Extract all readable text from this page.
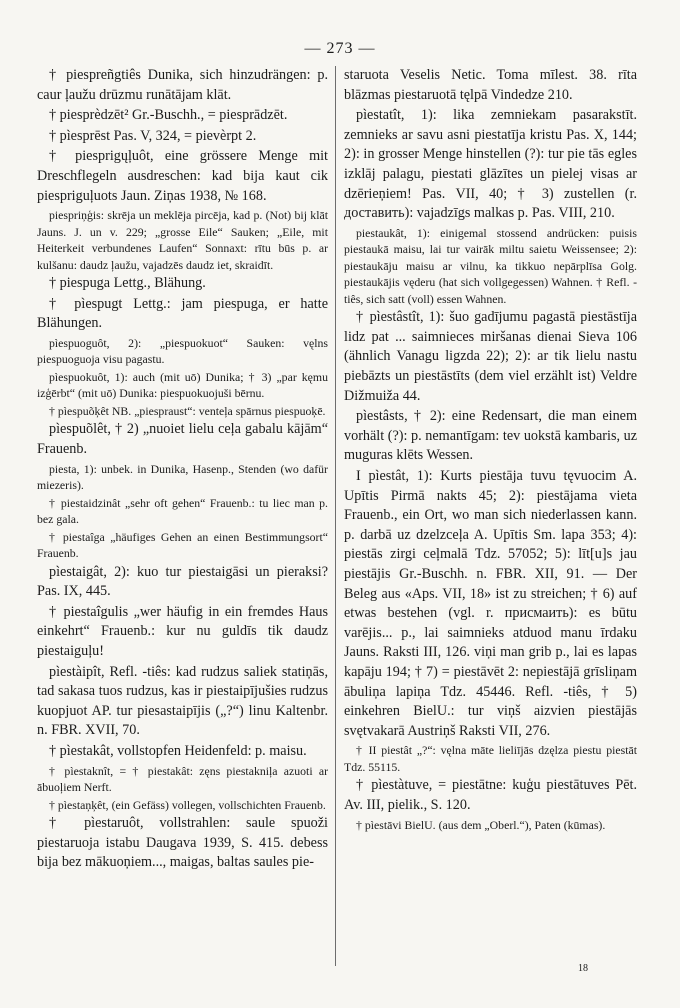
— 273 —

† piespreñgtiês Dunika, sich hinzudrängen: p. caur ļaužu drūzmu runātājam klāt.

† piesprèdzēt² Gr.-Buschh., = piesprādzēt.

† pìesprēst Pas. V, 324, = pievèrpt 2.

† piesprigųļuôt, eine grössere Menge mit Dreschflegeln ausdreschen: kad bija kaut cik piespriguļuots Jaun. Ziņas 1938, № 168.

piespriņģis: skrēja un meklēja pircēja, kad p. (Not) bij klāt Jauns. J. un v. 229; „grosse Eile“ Sauken; „Eile, mit Heiterkeit verbundenes Laufen“ Sonnaxt: rītu būs p. ar kulšanu: daudz ļaužu, vajadzēs daudz iet, skraidīt.

† piespuga Lettg., Blähung.

† pìespugt Lettg.: jam piespuga, er hatte Blähungen.

pìespuoguôt, 2): „piespuokuot“ Sauken: vęlns piespuoguoja visu pagastu.

pìespuokuôt, 1): auch (mit uō) Dunika; † 3) „par kęmu izģērbt“ (mit uō) Dunika: piespuokuojuši bērnu.

† pìespuõķêt NB. „piespraust“: venteļa spārnus piespuoķē.

pìespuõlêt, † 2) „nuoiet lielu ceļa gabalu kājām“ Frauenb.

piesta, 1): unbek. in Dunika, Hasenp., Stenden (wo dafür miezeris).

† piestaidzinât „sehr oft gehen“ Frauenb.: tu liec man p. bez gala.

† piestaîga „häufiges Gehen an einen Bestimmungsort“ Frauenb.

pìestaigât, 2): kuo tur piestaigāsi un pieraksi? Pas. IX, 445.

† piestaîgulis „wer häufig in ein fremdes Haus einkehrt“ Frauenb.: kur nu guldīs tik daudz piestaiguļu!

pìestàipît, Refl. -tiês: kad rudzus saliek statiņās, tad sakasa tuos rudzus, kas ir piestaipījušies rudzus kuopjuot AP. tur piesastaipījis („?“) linu Kaltenbr. n. FBR. XVII, 70.

† pìestakât, vollstopfen Heidenfeld: p. maisu.

† pìestaknît, = † piestakât: zęns piestakniļa azuoti ar ābuoļiem Nerft.

† pìestaņķêt, (ein Gefäss) vollegen, vollschichten Frauenb.

† pìestaruôt, vollstrahlen: saule spuoži piestaruoja istabu Daugava 1939, S. 415. debess bija bez mākuoņiem..., maigas, baltas saules pie-

staruota Veselis Netic. Toma mīlest. 38. rīta blāzmas piestaruotā tęlpā Vindedze 210.

pìestatît, 1): lika zemniekam pasarakstīt. zemnieks ar savu asni piestatīja kristu Pas. X, 144; 2): in grosser Menge hinstellen (?): tur pie tās egles izklāj palagu, piestati glāzītes un pielej visas ar dzērieņiem! Pas. VII, 40; † 3) zustellen (r. доставить): vajadzīgs malkas p. Pas. VIII, 210.

piestaukât, 1): einigemal stossend andrücken: puisis piestaukā maisu, lai tur vairāk miltu saietu Weissensee; 2): piestaukāju maisu ar vilnu, ka tikkuo nepārplīsa Golg. piestaukājis vęderu (hat sich vollgegessen) Wahnen. † Refl. -tiês, sich satt (voll) essen Wahnen.

† pìestâstît, 1): šuo gadījumu pagastā piestāstīja lidz pat ... saimnieces miršanas dienai Sieva 106 (ähnlich Vanagu ligzda 22); 2): ar tik lielu nastu piebāzts un piestāstīts (dem viel erzählt ist) Veldre Dižmuiža 44.

pìestâsts, † 2): eine Redensart, die man einem vorhält (?): p. nemantīgam: tev uokstā kambaris, uz muguras klēts Wessen.

I pìestât, 1): Kurts piestāja tuvu tęvuocim A. Upītis Pirmā nakts 45; 2): piestājama vieta Frauenb., ein Ort, wo man sich niederlassen kann. p. darbā uz dzelzceļa A. Upītis Sm. lapa 353; 4): piestās zirgi ceļmalā Tdz. 57052; 5): līt[u]s jau piestājis Gr.-Buschh. n. FBR. XII, 91. — Der Beleg aus «Aps. VII, 18» ist zu streichen; † 6) auf etwas bestehen (vgl. r. присмаить): es būtu varējis... p., lai saimnieks atduod manu īrdaku Jauns. Raksti III, 126. viņi man grib p., lai es lapas kapāju 194; † 7) = piestāvēt 2: nepiestājā grīsliņam ābuliņa lapiņa Tdz. 45446. Refl. -tiês, † 5) einkehren BielU.: tur viņš aizvien piestājās svętvakarā Austriņš Raksti VII, 276.

† II piestât „?“: vęlna māte lieliījās dzęlza piestu piestāt Tdz. 55115.

† pìestàtuve, = piestātne: kuģu piestātuves Pēt. Av. III, pielik., S. 120.

† pìestāvi BielU. (aus dem „Oberl.“), Paten (kūmas).

18
